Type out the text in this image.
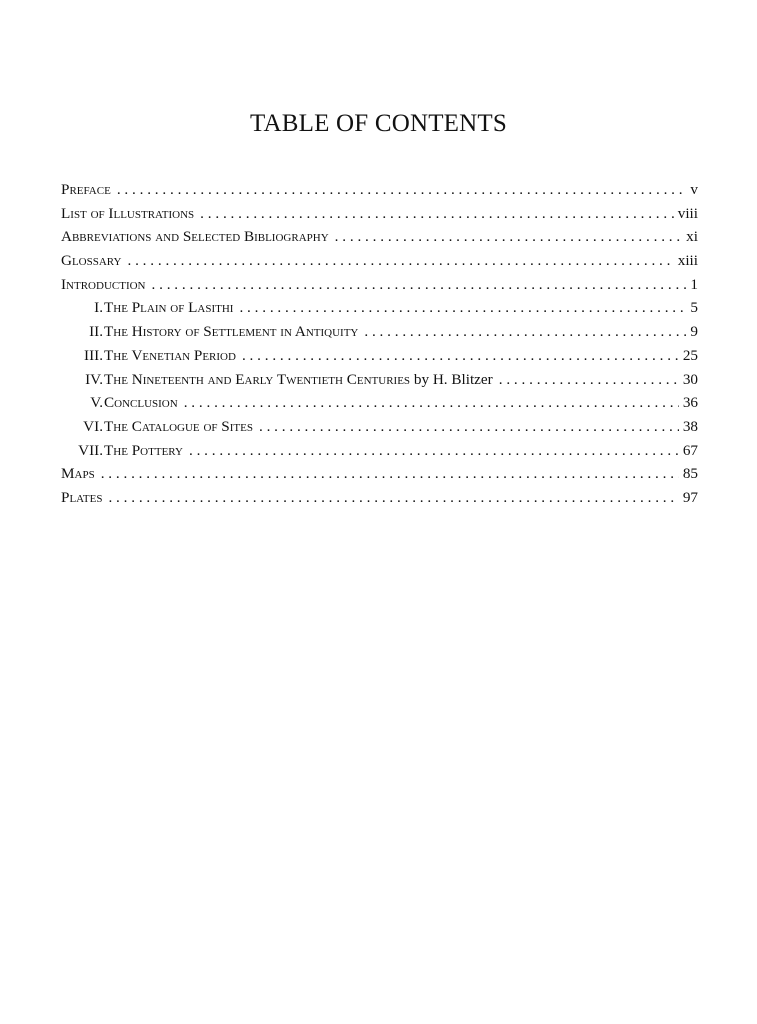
TABLE OF CONTENTS
Preface . . .	v
List of Illustrations . . .	viii
Abbreviations and Selected Bibliography . . .	xi
Glossary . . .	xiii
Introduction . . .	1
I. The Plain of Lasithi . . .	5
II. The History of Settlement in Antiquity . . .	9
III. The Venetian Period . . .	25
IV. The Nineteenth and Early Twentieth Centuries by H. Blitzer . . .	30
V. Conclusion . . .	36
VI. The Catalogue of Sites . . .	38
VII. The Pottery . . .	67
Maps . . .	85
Plates . . .	97
